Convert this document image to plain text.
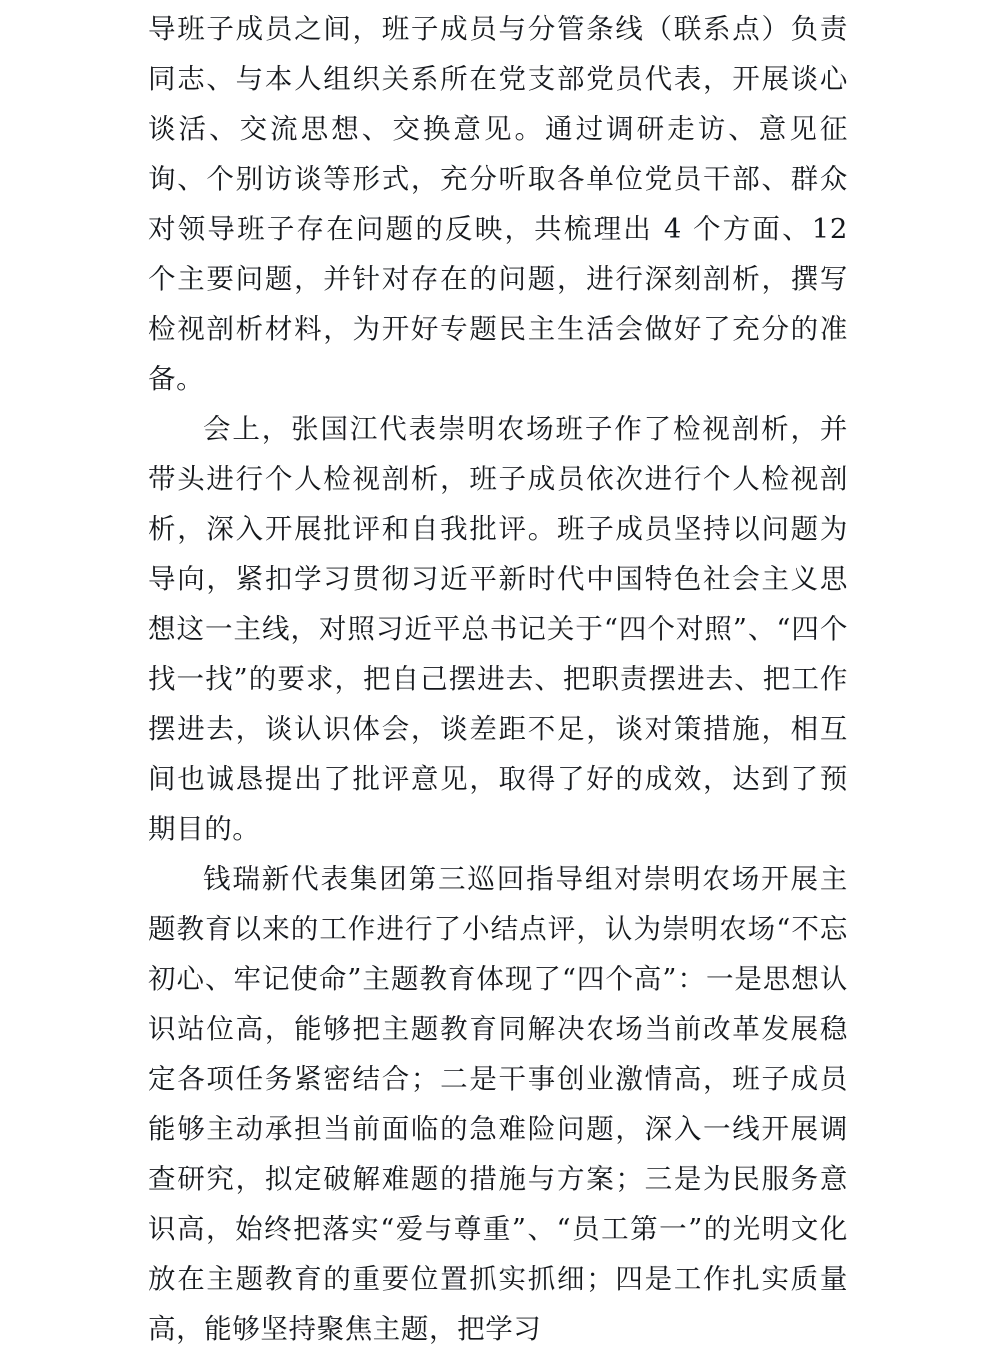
导班子成员之间，班子成员与分管条线（联系点）负责同志、与本人组织关系所在党支部党员代表，开展谈心谈活、交流思想、交换意见。通过调研走访、意见征询、个别访谈等形式，充分听取各单位党员干部、群众对领导班子存在问题的反映，共梳理出 4 个方面、12 个主要问题，并针对存在的问题，进行深刻剖析，撰写检视剖析材料，为开好专题民主生活会做好了充分的准备。

会上，张国江代表崇明农场班子作了检视剖析，并带头进行个人检视剖析，班子成员依次进行个人检视剖析，深入开展批评和自我批评。班子成员坚持以问题为导向，紧扣学习贯彻习近平新时代中国特色社会主义思想这一主线，对照习近平总书记关于“四个对照”、“四个找一找”的要求，把自己摆进去、把职责摆进去、把工作摆进去，谈认识体会，谈差距不足，谈对策措施，相互间也诚恳提出了批评意见，取得了好的成效，达到了预期目的。

钱瑞新代表集团第三巡回指导组对崇明农场开展主题教育以来的工作进行了小结点评，认为崇明农场“不忘初心、牢记使命”主题教育体现了“四个高”：一是思想认识站位高，能够把主题教育同解决农场当前改革发展稳定各项任务紧密结合；二是干事创业激情高，班子成员能够主动承担当前面临的急难险问题，深入一线开展调查研究，拟定破解难题的措施与方案；三是为民服务意识高，始终把落实“爱与尊重”、“员工第一”的光明文化放在主题教育的重要位置抓实抓细；四是工作扎实质量高，能够坚持聚焦主题，把学习
